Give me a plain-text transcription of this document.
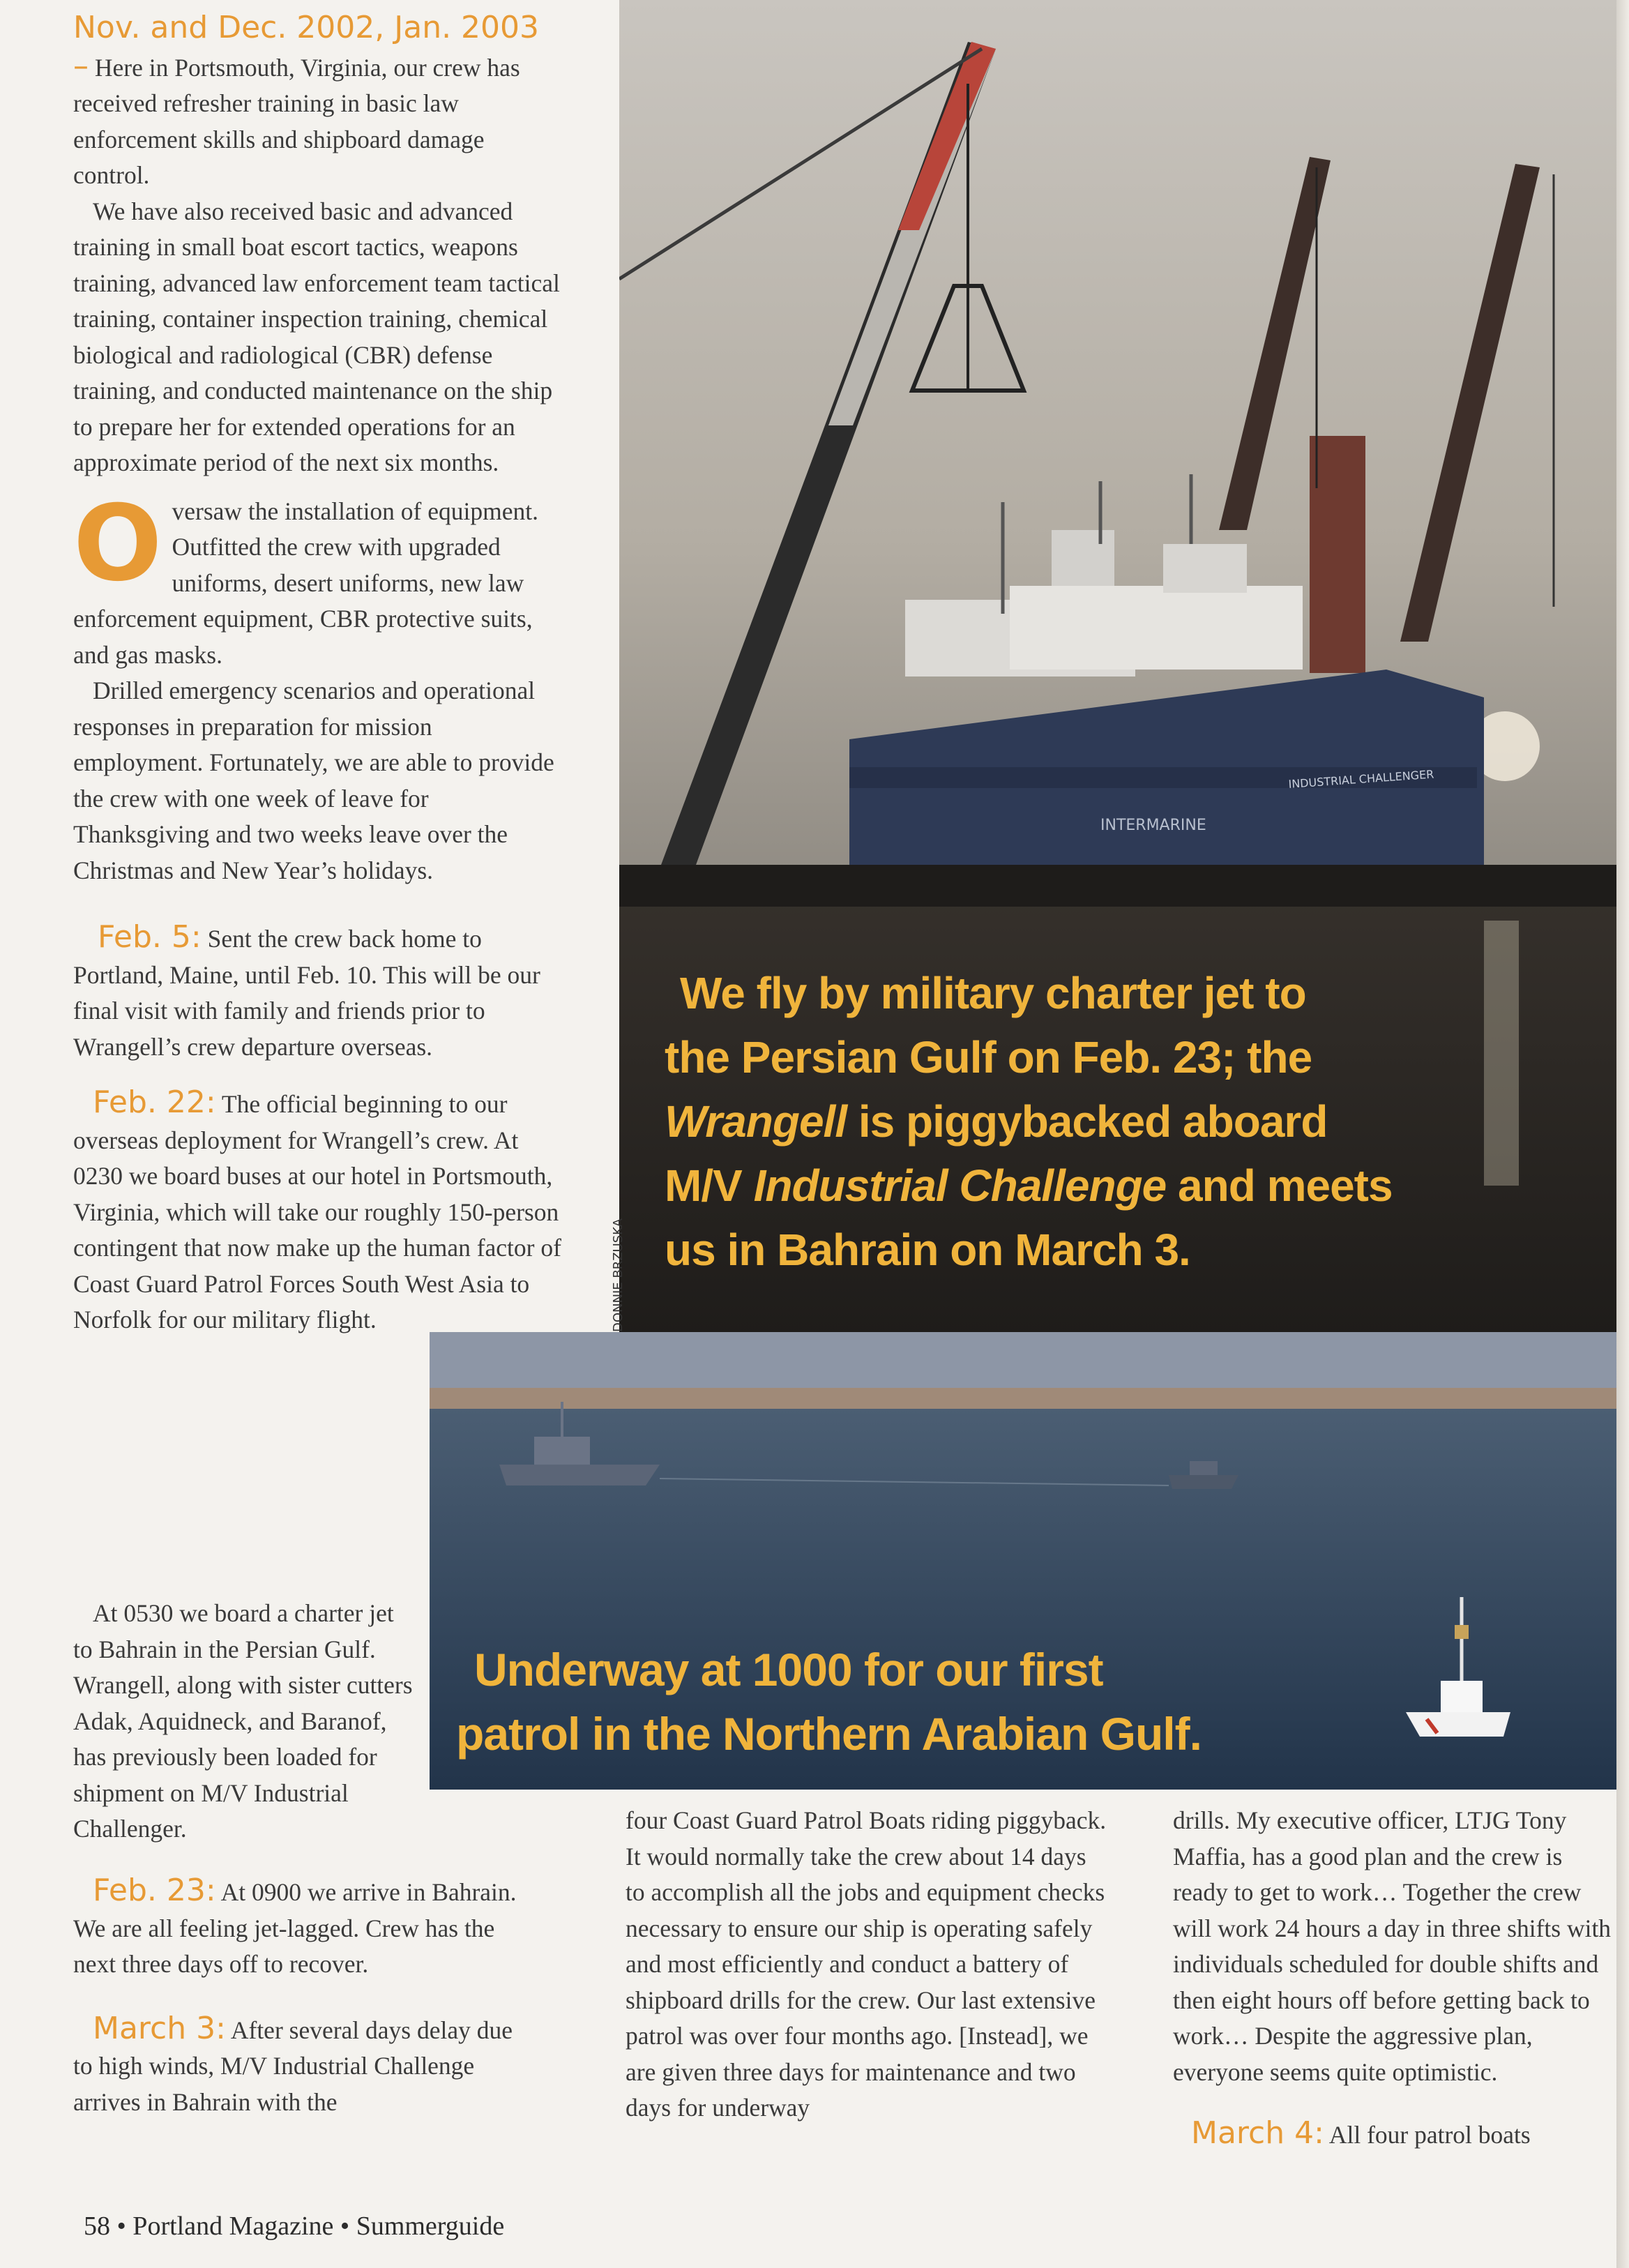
Nov. and Dec. 2002, Jan. 2003 – Here in Portsmouth, Virginia, our crew has received refresher training in basic law enforcement skills and shipboard damage control.

We have also received basic and advanced training in small boat escort tactics, weapons training, advanced law enforcement team tactical training, container inspection training, chemical biological and radiological (CBR) defense training, and conducted maintenance on the ship to prepare her for extended operations for an approximate period of the next six months.

Oversaw the installation of equipment. Outfitted the crew with upgraded uniforms, desert uniforms, new law enforcement equipment, CBR protective suits, and gas masks.

Drilled emergency scenarios and operational responses in preparation for mission employment. Fortunately, we are able to provide the crew with one week of leave for Thanksgiving and two weeks leave over the Christmas and New Year’s holidays.

Feb. 5: Sent the crew back home to Portland, Maine, until Feb. 10. This will be our final visit with family and friends prior to Wrangell’s crew departure overseas.

Feb. 22: The official beginning to our overseas deployment for Wrangell’s crew. At 0230 we board buses at our hotel in Portsmouth, Virginia, which will take our roughly 150-person contingent that now make up the human factor of Coast Guard Patrol Forces South West Asia to Norfolk for our military flight.

At 0530 we board a charter jet to Bahrain in the Persian Gulf. Wrangell, along with sister cutters Adak, Aquidneck, and Baranof, has previously been loaded for shipment on M/V Industrial Challenger.

Feb. 23: At 0900 we arrive in Bahrain. We are all feeling jet-lagged. Crew has the next three days off to recover.

March 3: After several days delay due to high winds, M/V Industrial Challenge arrives in Bahrain with the

INTERMARINE
INDUSTRIAL CHALLENGER
We fly by military charter jet to
the Persian Gulf on Feb. 23; the
Wrangell is piggybacked aboard
M/V Industrial Challenge and meets
us in Bahrain on March 3.
DONNIE BRZUSKA
Underway at 1000 for our first
patrol in the Northern Arabian Gulf.

four Coast Guard Patrol Boats riding piggyback. It would normally take the crew about 14 days to accomplish all the jobs and equipment checks necessary to ensure our ship is operating safely and most efficiently and conduct a battery of shipboard drills for the crew. Our last extensive patrol was over four months ago. [Instead], we are given three days for maintenance and two days for underway

drills. My executive officer, LTJG Tony Maffia, has a good plan and the crew is ready to get to work… Together the crew will work 24 hours a day in three shifts with individuals scheduled for double shifts and then eight hours off before getting back to work… Despite the aggressive plan, everyone seems quite optimistic.

March 4: All four patrol boats

58 • Portland Magazine • Summerguide
